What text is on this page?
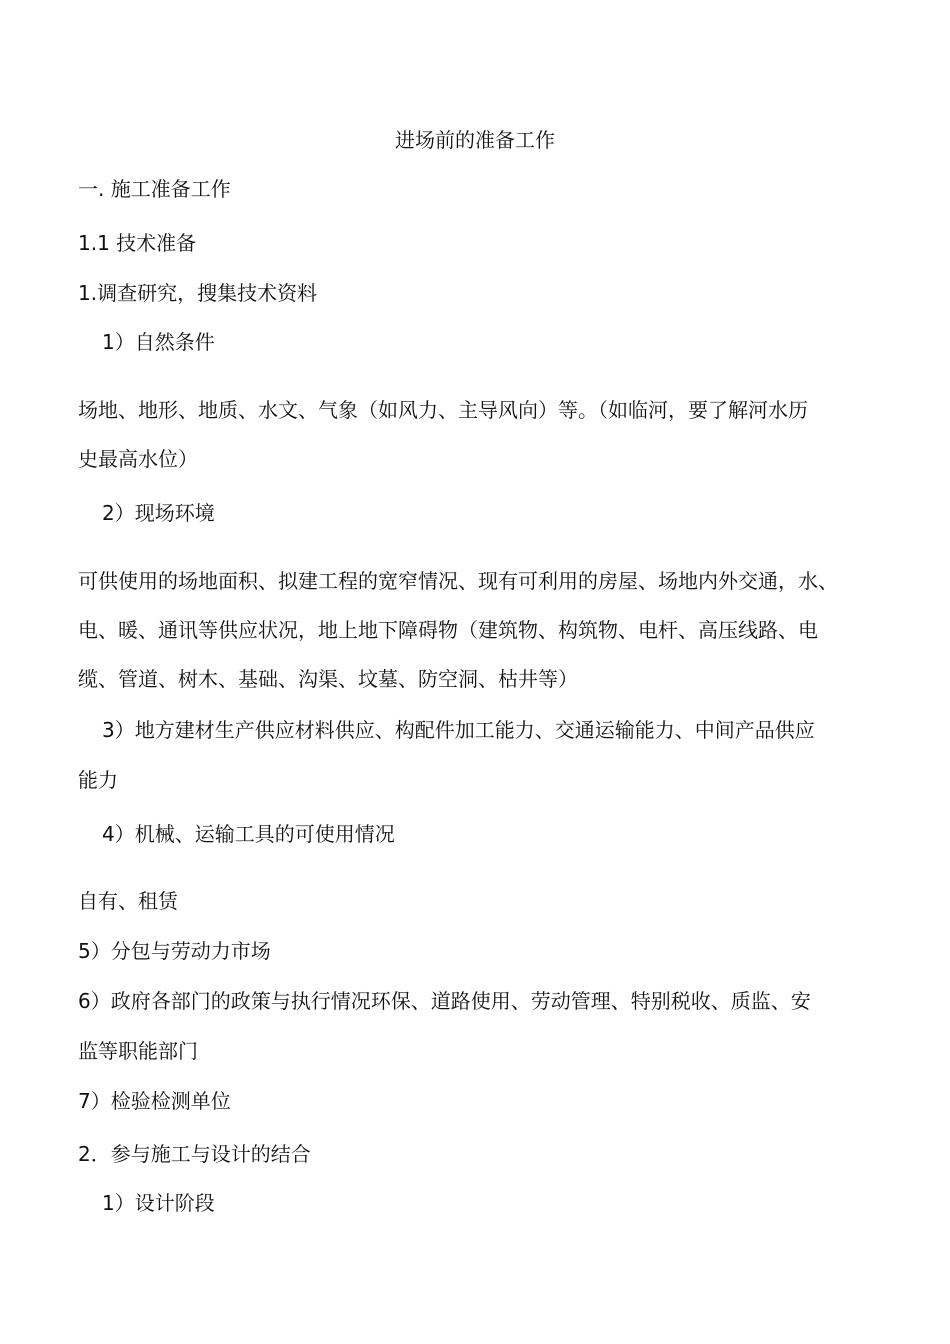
进场前的准备工作
一. 施工准备工作
1.1 技术准备
1.调查研究，搜集技术资料
1）自然条件
场地、地形、地质、水文、气象（如风力、主导风向）等。（如临河，要了解河水历
史最高水位）
2）现场环境
可供使用的场地面积、拟建工程的宽窄情况、现有可利用的房屋、场地内外交通，水、
电、暖、通讯等供应状况，地上地下障碍物（建筑物、构筑物、电杆、高压线路、电
缆、管道、树木、基础、沟渠、坟墓、防空洞、枯井等）
3）地方建材生产供应材料供应、构配件加工能力、交通运输能力、中间产品供应
能力
4）机械、运输工具的可使用情况
自有、租赁
5）分包与劳动力市场
6）政府各部门的政策与执行情况环保、道路使用、劳动管理、特别税收、质监、安
监等职能部门
7）检验检测单位
2．参与施工与设计的结合
1）设计阶段
